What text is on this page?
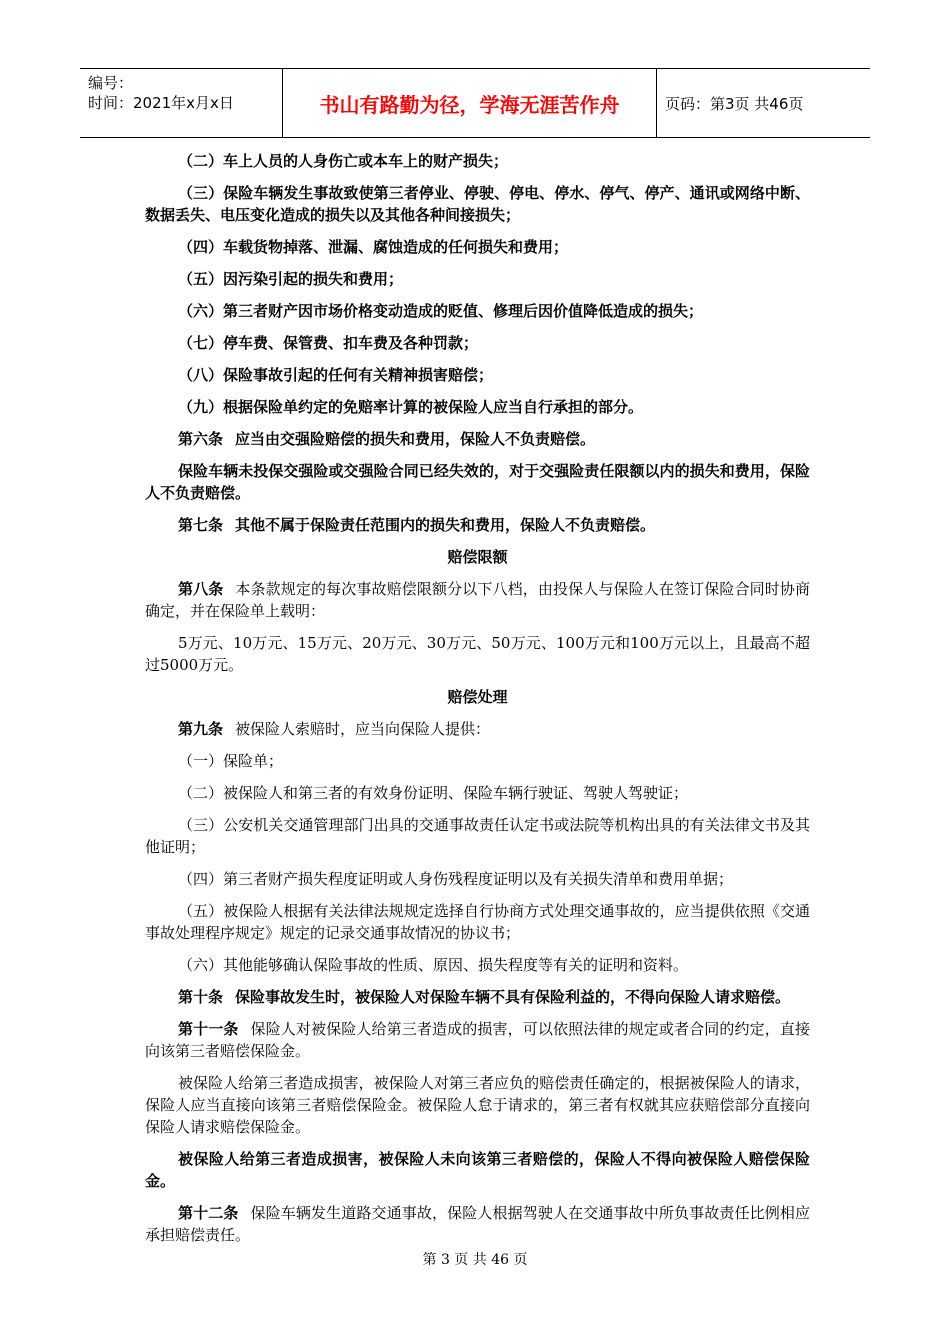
编号：
时间：2021年x月x日	书山有路勤为径，学海无涯苦作舟	页码：第3页 共46页

（二）车上人员的人身伤亡或本车上的财产损失；

（三）保险车辆发生事故致使第三者停业、停驶、停电、停水、停气、停产、通讯或网络中断、数据丢失、电压变化造成的损失以及其他各种间接损失；

（四）车载货物掉落、泄漏、腐蚀造成的任何损失和费用；

（五）因污染引起的损失和费用；

（六）第三者财产因市场价格变动造成的贬值、修理后因价值降低造成的损失；

（七）停车费、保管费、扣车费及各种罚款；

（八）保险事故引起的任何有关精神损害赔偿；

（九）根据保险单约定的免赔率计算的被保险人应当自行承担的部分。

第六条 应当由交强险赔偿的损失和费用，保险人不负责赔偿。

保险车辆未投保交强险或交强险合同已经失效的，对于交强险责任限额以内的损失和费用，保险人不负责赔偿。

第七条 其他不属于保险责任范围内的损失和费用，保险人不负责赔偿。

赔偿限额

第八条 本条款规定的每次事故赔偿限额分以下八档，由投保人与保险人在签订保险合同时协商确定，并在保险单上载明：

5万元、10万元、15万元、20万元、30万元、50万元、100万元和100万元以上，且最高不超过5000万元。

赔偿处理

第九条 被保险人索赔时，应当向保险人提供：

（一）保险单；

（二）被保险人和第三者的有效身份证明、保险车辆行驶证、驾驶人驾驶证；

（三）公安机关交通管理部门出具的交通事故责任认定书或法院等机构出具的有关法律文书及其他证明；

（四）第三者财产损失程度证明或人身伤残程度证明以及有关损失清单和费用单据；

（五）被保险人根据有关法律法规规定选择自行协商方式处理交通事故的，应当提供依照《交通事故处理程序规定》规定的记录交通事故情况的协议书；

（六）其他能够确认保险事故的性质、原因、损失程度等有关的证明和资料。

第十条 保险事故发生时，被保险人对保险车辆不具有保险利益的，不得向保险人请求赔偿。

第十一条 保险人对被保险人给第三者造成的损害，可以依照法律的规定或者合同的约定，直接向该第三者赔偿保险金。

被保险人给第三者造成损害，被保险人对第三者应负的赔偿责任确定的，根据被保险人的请求，保险人应当直接向该第三者赔偿保险金。被保险人怠于请求的，第三者有权就其应获赔偿部分直接向保险人请求赔偿保险金。

被保险人给第三者造成损害，被保险人未向该第三者赔偿的，保险人不得向被保险人赔偿保险金。

第十二条 保险车辆发生道路交通事故，保险人根据驾驶人在交通事故中所负事故责任比例相应承担赔偿责任。

第 3 页 共 46 页
